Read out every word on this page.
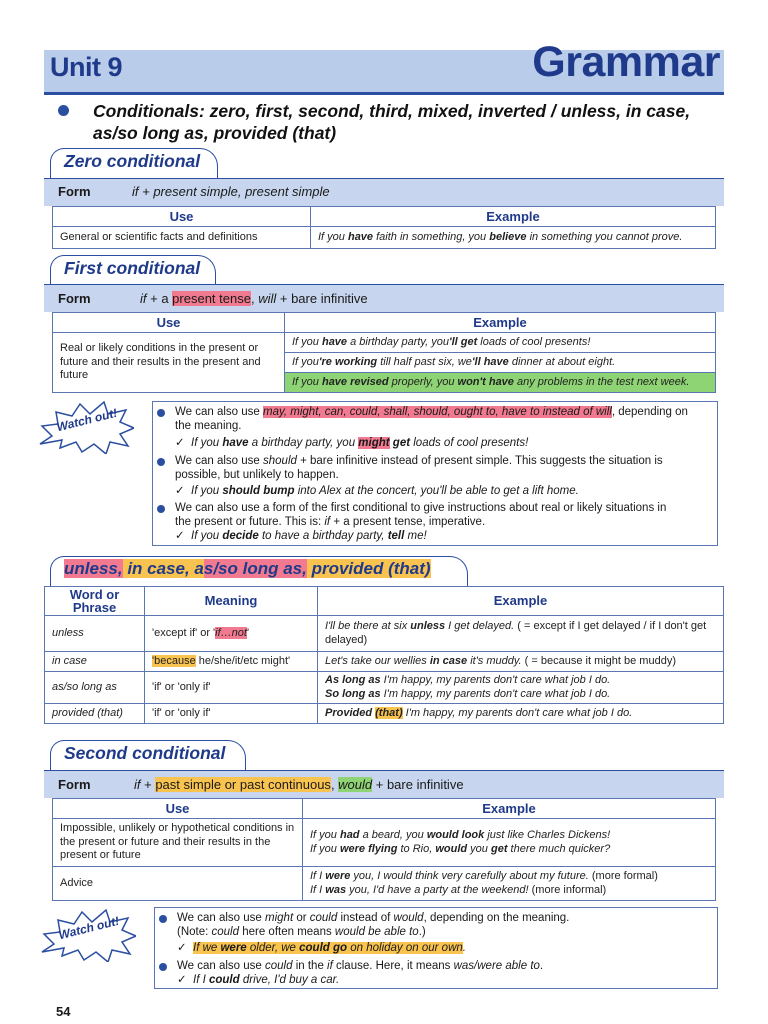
Unit 9	Grammar
Conditionals: zero, first, second, third, mixed, inverted / unless, in case, as/so long as, provided (that)
Zero conditional
Form	if + present simple, present simple
Use	Example
General or scientific facts and definitions	If you have faith in something, you believe in something you cannot prove.
First conditional
Form	if + a present tense, will + bare infinitive
Use	Example
Real or likely conditions in the present or future and their results in the present and future	If you have a birthday party, you'll get loads of cool presents!
	If you're working till half past six, we'll have dinner at about eight.
	If you have revised properly, you won't have any problems in the test next week.
Watch out!	We can also use may, might, can, could, shall, should, ought to, have to instead of will, depending on
the meaning.
✓ If you have a birthday party, you might get loads of cool presents!
We can also use should + bare infinitive instead of present simple. This suggests the situation is
possible, but unlikely to happen.
✓ If you should bump into Alex at the concert, you'll be able to get a lift home.
We can also use a form of the first conditional to give instructions about real or likely situations in
the present or future. This is: if + a present tense, imperative.
✓ If you decide to have a birthday party, tell me!
unless, in case, as/so long as, provided (that)
Word or Phrase	Meaning	Example
unless	'except if' or 'if…not'	I'll be there at six unless I get delayed. ( = except if I get delayed / if I don't get delayed)
in case	'because he/she/it/etc might'	Let's take our wellies in case it's muddy. ( = because it might be muddy)
as/so long as	'if' or 'only if'	As long as I'm happy, my parents don't care what job I do.
So long as I'm happy, my parents don't care what job I do.
provided (that)	'if' or 'only if'	Provided (that) I'm happy, my parents don't care what job I do.
Second conditional
Form	if + past simple or past continuous, would + bare infinitive
Use	Example
Impossible, unlikely or hypothetical conditions in the present or future and their results in the present or future	If you had a beard, you would look just like Charles Dickens!
If you were flying to Rio, would you get there much quicker?
Advice	If I were you, I would think very carefully about my future. (more formal)
If I was you, I'd have a party at the weekend! (more informal)
Watch out!	We can also use might or could instead of would, depending on the meaning.
(Note: could here often means would be able to.)
✓ If we were older, we could go on holiday on our own.
We can also use could in the if clause. Here, it means was/were able to.
✓ If I could drive, I'd buy a car.
54
